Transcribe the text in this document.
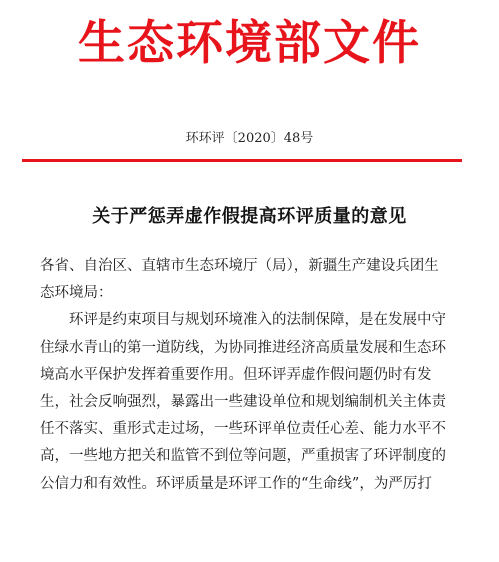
生态环境部文件
环环评〔2020〕48号
关于严惩弄虚作假提高环评质量的意见

各省、自治区、直辖市生态环境厅（局），新疆生产建设兵团生
态环境局：

环评是约束项目与规划环境准入的法制保障，是在发展中守
住绿水青山的第一道防线，为协同推进经济高质量发展和生态环
境高水平保护发挥着重要作用。但环评弄虚作假问题仍时有发
生，社会反响强烈，暴露出一些建设单位和规划编制机关主体责
任不落实、重形式走过场，一些环评单位责任心差、能力水平不
高，一些地方把关和监管不到位等问题，严重损害了环评制度的
公信力和有效性。环评质量是环评工作的“生命线”，为严厉打
